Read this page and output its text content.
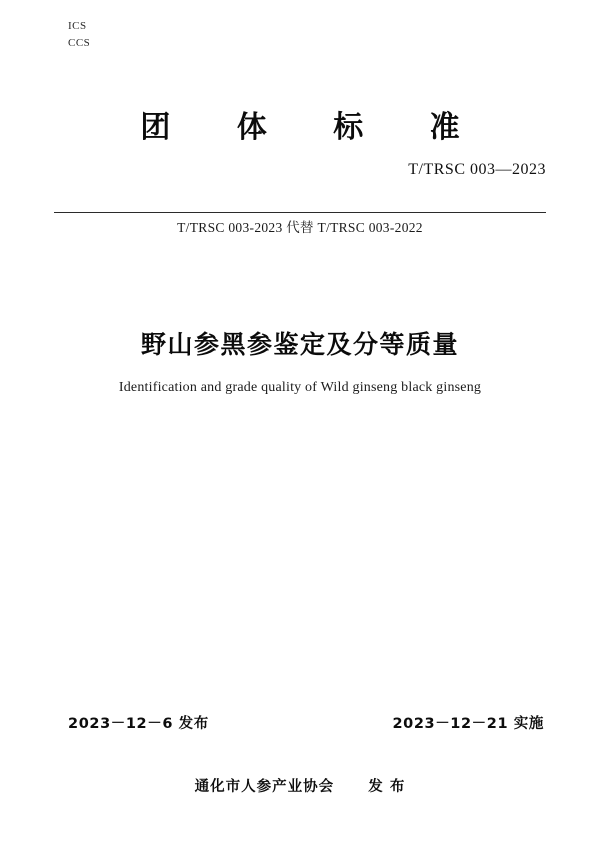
ICS
CCS
团 体 标 准
T/TRSC 003—2023
T/TRSC 003-2023 代替 T/TRSC 003-2022
野山参黑参鉴定及分等质量
Identification and grade quality of Wild ginseng black ginseng
2023－12－6 发布	2023－12－21 实施
通化市人参产业协会 发 布
